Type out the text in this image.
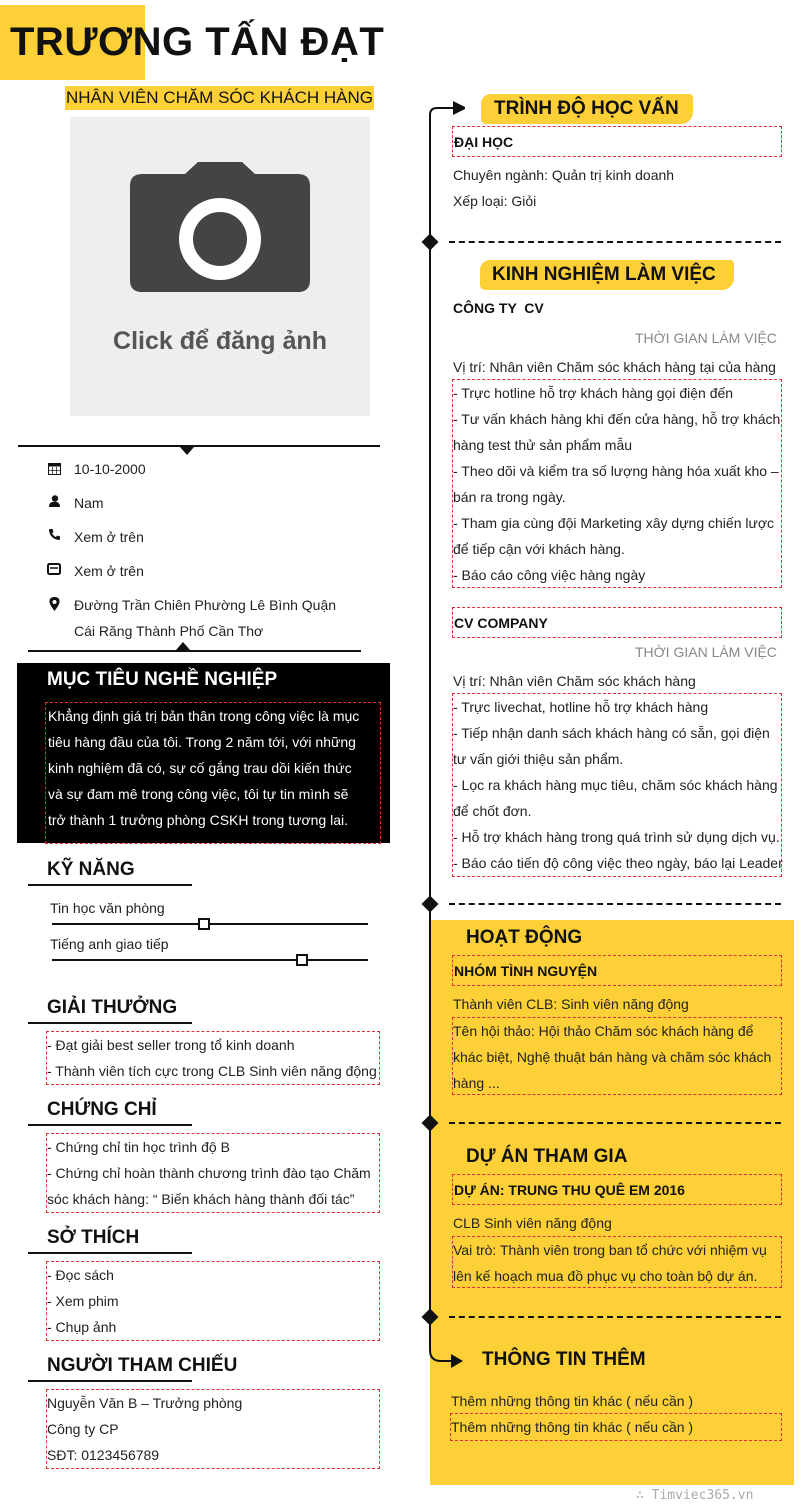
TRƯƠNG TẤN ĐẠT
NHÂN VIÊN CHĂM SÓC KHÁCH HÀNG
Click để đăng ảnh
10-10-2000
Nam
Xem ở trên
Xem ở trên
Đường Trần Chiên Phường Lê Bình Quận
Cái Răng Thành Phố Cần Thơ
MỤC TIÊU NGHỀ NGHIỆP
Khẳng định giá trị bản thân trong công việc là mục
tiêu hàng đầu của tôi. Trong 2 năm tới, với những
kinh nghiệm đã có, sự cố gắng trau dồi kiến thức
và sự đam mê trong công việc, tôi tự tin mình sẽ
trở thành 1 trưởng phòng CSKH trong tương lai.
KỸ NĂNG
Tin học văn phòng
Tiếng anh giao tiếp
GIẢI THƯỞNG
- Đạt giải best seller trong tổ kinh doanh
- Thành viên tích cực trong CLB Sinh viên năng động
CHỨNG CHỈ
- Chứng chỉ tin học trình độ B
- Chứng chỉ hoàn thành chương trình đào tạo Chăm
sóc khách hàng: “ Biến khách hàng thành đối tác”
SỞ THÍCH
- Đọc sách
- Xem phim
- Chụp ảnh
NGƯỜI THAM CHIẾU
Nguyễn Văn B – Trưởng phòng
Công ty CP
SĐT: 0123456789
TRÌNH ĐỘ HỌC VẤN
ĐẠI HỌC
Chuyên ngành: Quản trị kinh doanh
Xếp loại: Giỏi
KINH NGHIỆM LÀM VIỆC
CÔNG TY  CV
THỜI GIAN LÀM VIỆC
Vị trí: Nhân viên Chăm sóc khách hàng tại của hàng
- Trực hotline hỗ trợ khách hàng gọi điện đến
- Tư vấn khách hàng khi đến cửa hàng, hỗ trợ khách
hàng test thử sản phẩm mẫu
- Theo dõi và kiểm tra số lượng hàng hóa xuất kho –
bán ra trong ngày.
- Tham gia cùng đội Marketing xây dựng chiến lược
để tiếp cận với khách hàng.
- Báo cáo công việc hàng ngày
CV COMPANY
THỜI GIAN LÀM VIỆC
Vị trí: Nhân viên Chăm sóc khách hàng
- Trực livechat, hotline hỗ trợ khách hàng
- Tiếp nhận danh sách khách hàng có sẵn, gọi điện
tư vấn giới thiệu sản phẩm.
- Lọc ra khách hàng mục tiêu, chăm sóc khách hàng
để chốt đơn.
- Hỗ trợ khách hàng trong quá trình sử dụng dịch vụ.
- Báo cáo tiến độ công việc theo ngày, báo lại Leader
HOẠT ĐỘNG
NHÓM TÌNH NGUYỆN
Thành viên CLB: Sinh viên năng động
Tên hội thảo: Hội thảo Chăm sóc khách hàng để
khác biệt, Nghệ thuật bán hàng và chăm sóc khách
hàng ...
DỰ ÁN THAM GIA
DỰ ÁN: TRUNG THU QUÊ EM 2016
CLB Sinh viên năng động
Vai trò: Thành viên trong ban tổ chức với nhiệm vụ
lên kế hoạch mua đồ phục vụ cho toàn bộ dự án.
THÔNG TIN THÊM
Thêm những thông tin khác ( nếu cần )
Thêm những thông tin khác ( nếu cần )
∴ Timviec365.vn
